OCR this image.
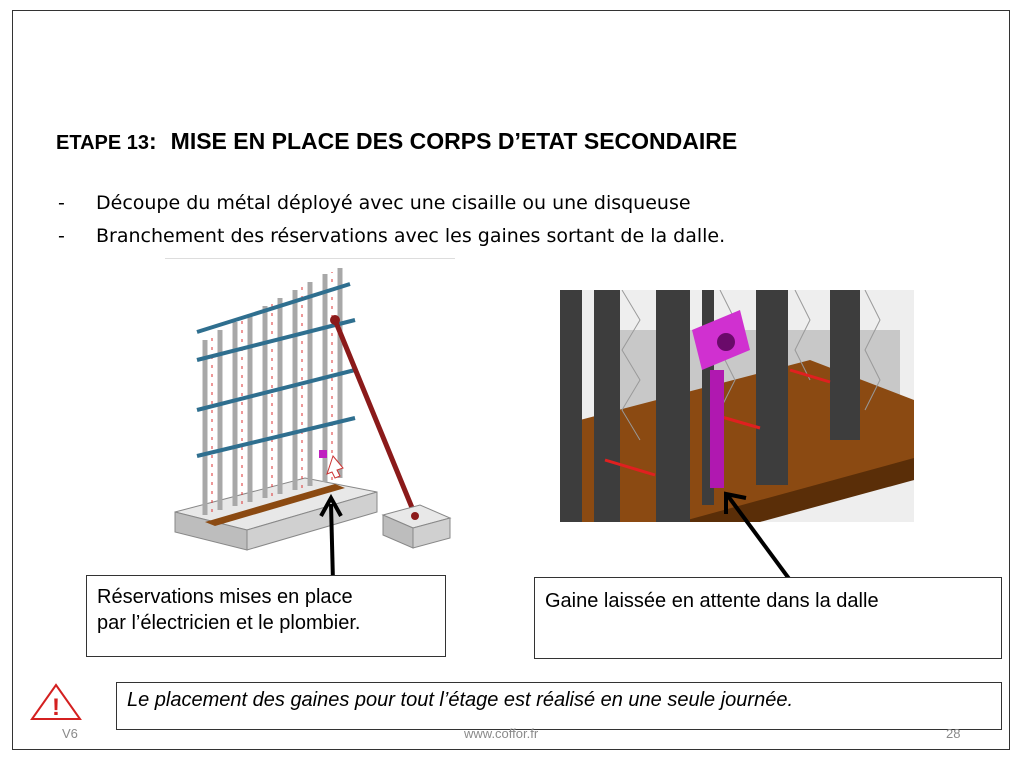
ETAPE 13: MISE EN PLACE DES CORPS D’ETAT SECONDAIRE
- Découpe du métal déployé avec une cisaille ou une disqueuse
- Branchement des réservations avec les gaines sortant de la dalle.
Réservations mises en place
par l’électricien et le plombier.
Gaine laissée en attente dans la dalle
!	Le placement des gaines pour tout l’étage est réalisé en une seule journée.
V6	www.coffor.fr	28
